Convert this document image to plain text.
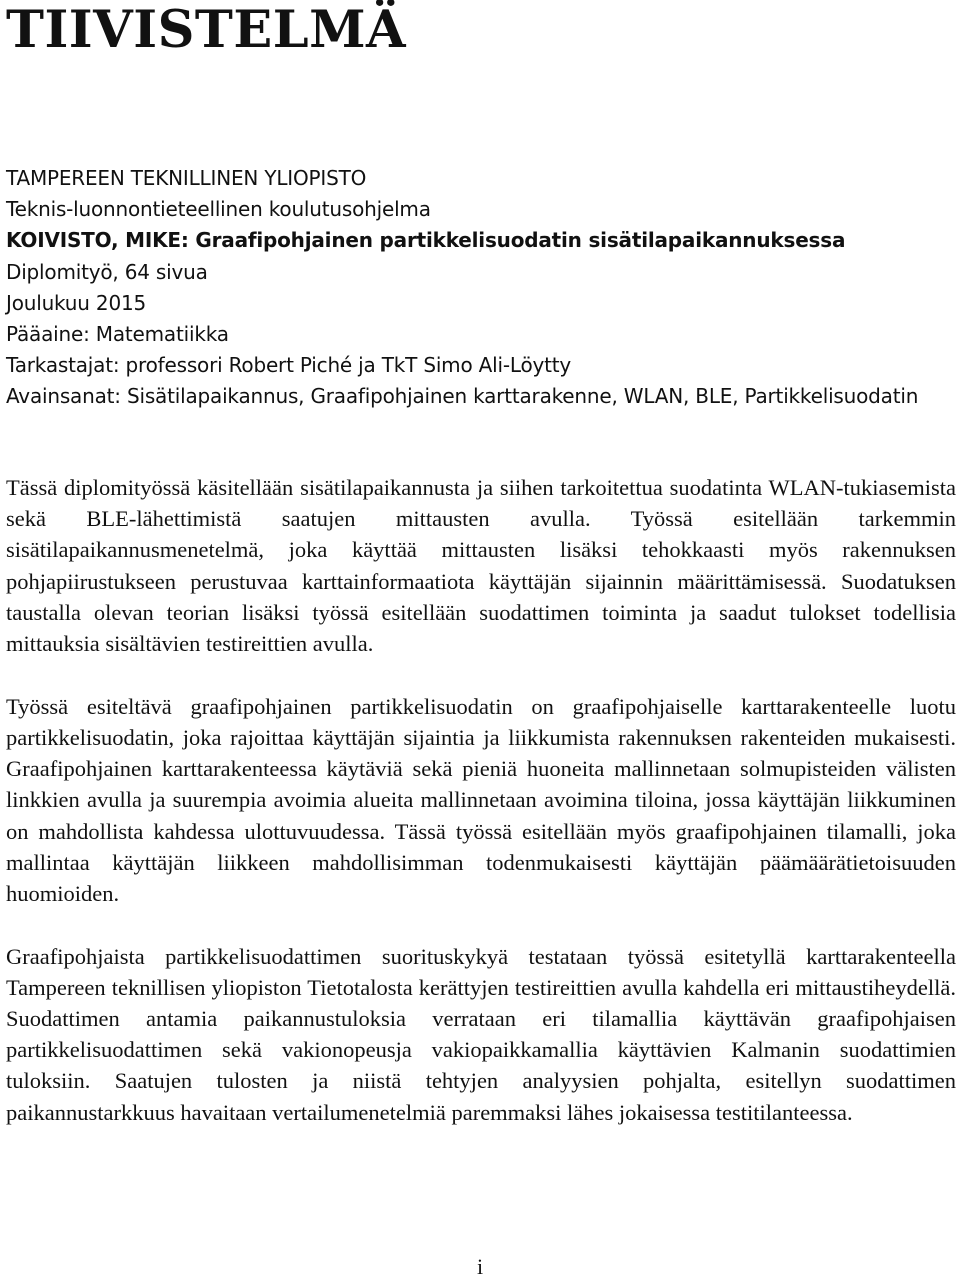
TIIVISTELMÄ
TAMPEREEN TEKNILLINEN YLIOPISTO
Teknis-luonnontieteellinen koulutusohjelma
KOIVISTO, MIKE: Graafipohjainen partikkelisuodatin sisätilapaikannuksessa
Diplomityö, 64 sivua
Joulukuu 2015
Pääaine: Matematiikka
Tarkastajat: professori Robert Piché ja TkT Simo Ali-Löytty
Avainsanat: Sisätilapaikannus, Graafipohjainen karttarakenne, WLAN, BLE, Partikkelisuodatin

Tässä diplomityössä käsitellään sisätilapaikannusta ja siihen tarkoitettua suodatinta WLAN-tukiasemista sekä BLE-lähettimistä saatujen mittausten avulla. Työssä esitellään tarkemmin sisätilapaikannusmenetelmä, joka käyttää mittausten lisäksi tehokkaasti myös rakennuksen pohjapiirustukseen perustuvaa karttainformaatiota käyttäjän sijainnin määrittämisessä. Suodatuksen taustalla olevan teorian lisäksi työssä esitellään suodattimen toiminta ja saadut tulokset todellisia mittauksia sisältävien testireittien avulla.

Työssä esiteltävä graafipohjainen partikkelisuodatin on graafipohjaiselle karttarakenteelle luotu partikkelisuodatin, joka rajoittaa käyttäjän sijaintia ja liikkumista rakennuksen rakenteiden mukaisesti. Graafipohjainen karttarakenteessa käytäviä sekä pieniä huoneita mallinnetaan solmupisteiden välisten linkkien avulla ja suurempia avoimia alueita mallinnetaan avoimina tiloina, jossa käyttäjän liikkuminen on mahdollista kahdessa ulottuvuudessa. Tässä työssä esitellään myös graafipohjainen tilamalli, joka mallintaa käyttäjän liikkeen mahdollisimman todenmukaisesti käyttäjän päämäärätietoisuuden huomioiden.

Graafipohjaista partikkelisuodattimen suorituskykyä testataan työssä esitetyllä karttarakenteella Tampereen teknillisen yliopiston Tietotalosta kerättyjen testireittien avulla kahdella eri mittaustiheydellä. Suodattimen antamia paikannustuloksia verrataan eri tilamallia käyttävän graafipohjaisen partikkelisuodattimen sekä vakionopeusja vakiopaikkamallia käyttävien Kalmanin suodattimien tuloksiin. Saatujen tulosten ja niistä tehtyjen analyysien pohjalta, esitellyn suodattimen paikannustarkkuus havaitaan vertailumenetelmiä paremmaksi lähes jokaisessa testitilanteessa.

i
